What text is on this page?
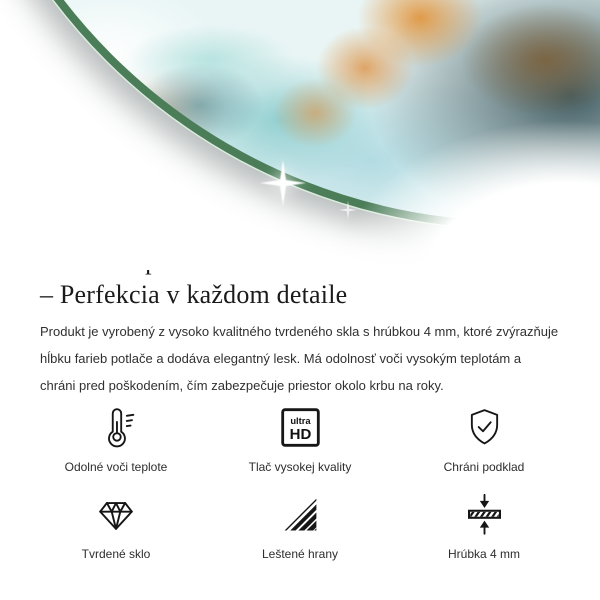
– Perfekcia v každom detaile

Produkt je vyrobený z vysoko kvalitného tvrdeného skla s hrúbkou 4 mm, ktoré zvýrazňuje hĺbku farieb potlače a dodáva elegantný lesk. Má odolnosť voči vysokým teplotám a chráni pred poškodením, čím zabezpečuje priestor okolo krbu na roky.

Odolné voči teplote
ultra
HD
Tlač vysokej kvality	Chráni podklad
Tvrdené sklo	Leštené hrany	Hrúbka 4 mm
